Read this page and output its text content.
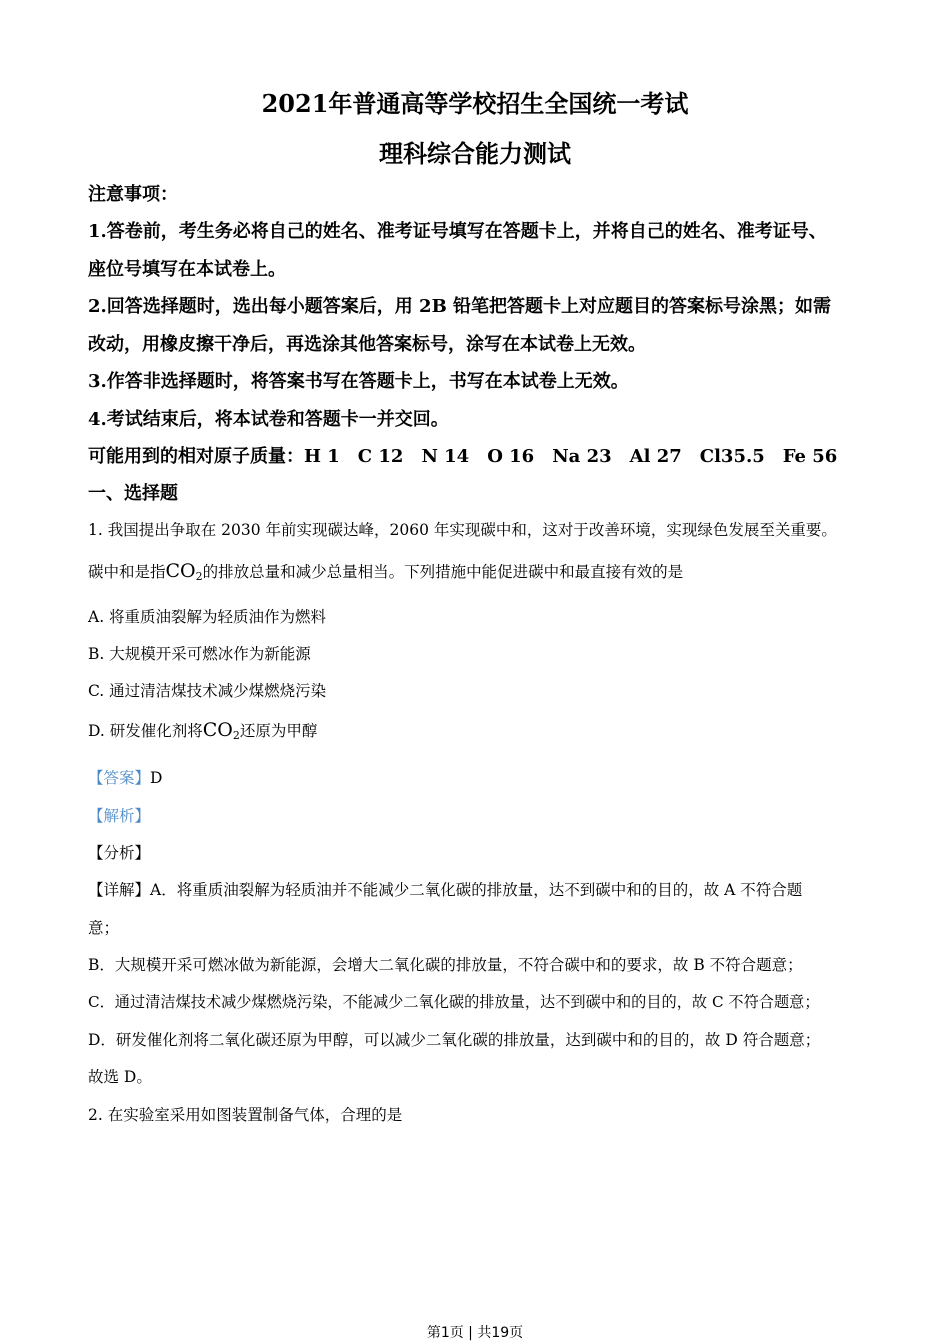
2021年普通高等学校招生全国统一考试
理科综合能力测试
注意事项：
1.答卷前，考生务必将自己的姓名、准考证号填写在答题卡上，并将自己的姓名、准考证号、
座位号填写在本试卷上。
2.回答选择题时，选出每小题答案后，用 2B 铅笔把答题卡上对应题目的答案标号涂黑；如需
改动，用橡皮擦干净后，再选涂其他答案标号，涂写在本试卷上无效。
3.作答非选择题时，将答案书写在答题卡上，书写在本试卷上无效。
4.考试结束后，将本试卷和答题卡一并交回。
可能用到的相对原子质量：H 1　C 12　N 14　O 16　Na 23　Al 27　Cl35.5　Fe 56
一、选择题
1. 我国提出争取在 2030 年前实现碳达峰，2060 年实现碳中和，这对于改善环境，实现绿色发展至关重要。
碳中和是指$CO_2$的排放总量和减少总量相当。下列措施中能促进碳中和最直接有效的是
A. 将重质油裂解为轻质油作为燃料
B. 大规模开采可燃冰作为新能源
C. 通过清洁煤技术减少煤燃烧污染
D. 研发催化剂将$CO_2$还原为甲醇
【答案】D
【解析】
【分析】
【详解】A．将重质油裂解为轻质油并不能减少二氧化碳的排放量，达不到碳中和的目的，故 A 不符合题
意；
B．大规模开采可燃冰做为新能源，会增大二氧化碳的排放量，不符合碳中和的要求，故 B 不符合题意；
C．通过清洁煤技术减少煤燃烧污染，不能减少二氧化碳的排放量，达不到碳中和的目的，故 C 不符合题意；
D．研发催化剂将二氧化碳还原为甲醇，可以减少二氧化碳的排放量，达到碳中和的目的，故 D 符合题意；
故选 D。
2. 在实验室采用如图装置制备气体，合理的是
第1页 | 共19页
